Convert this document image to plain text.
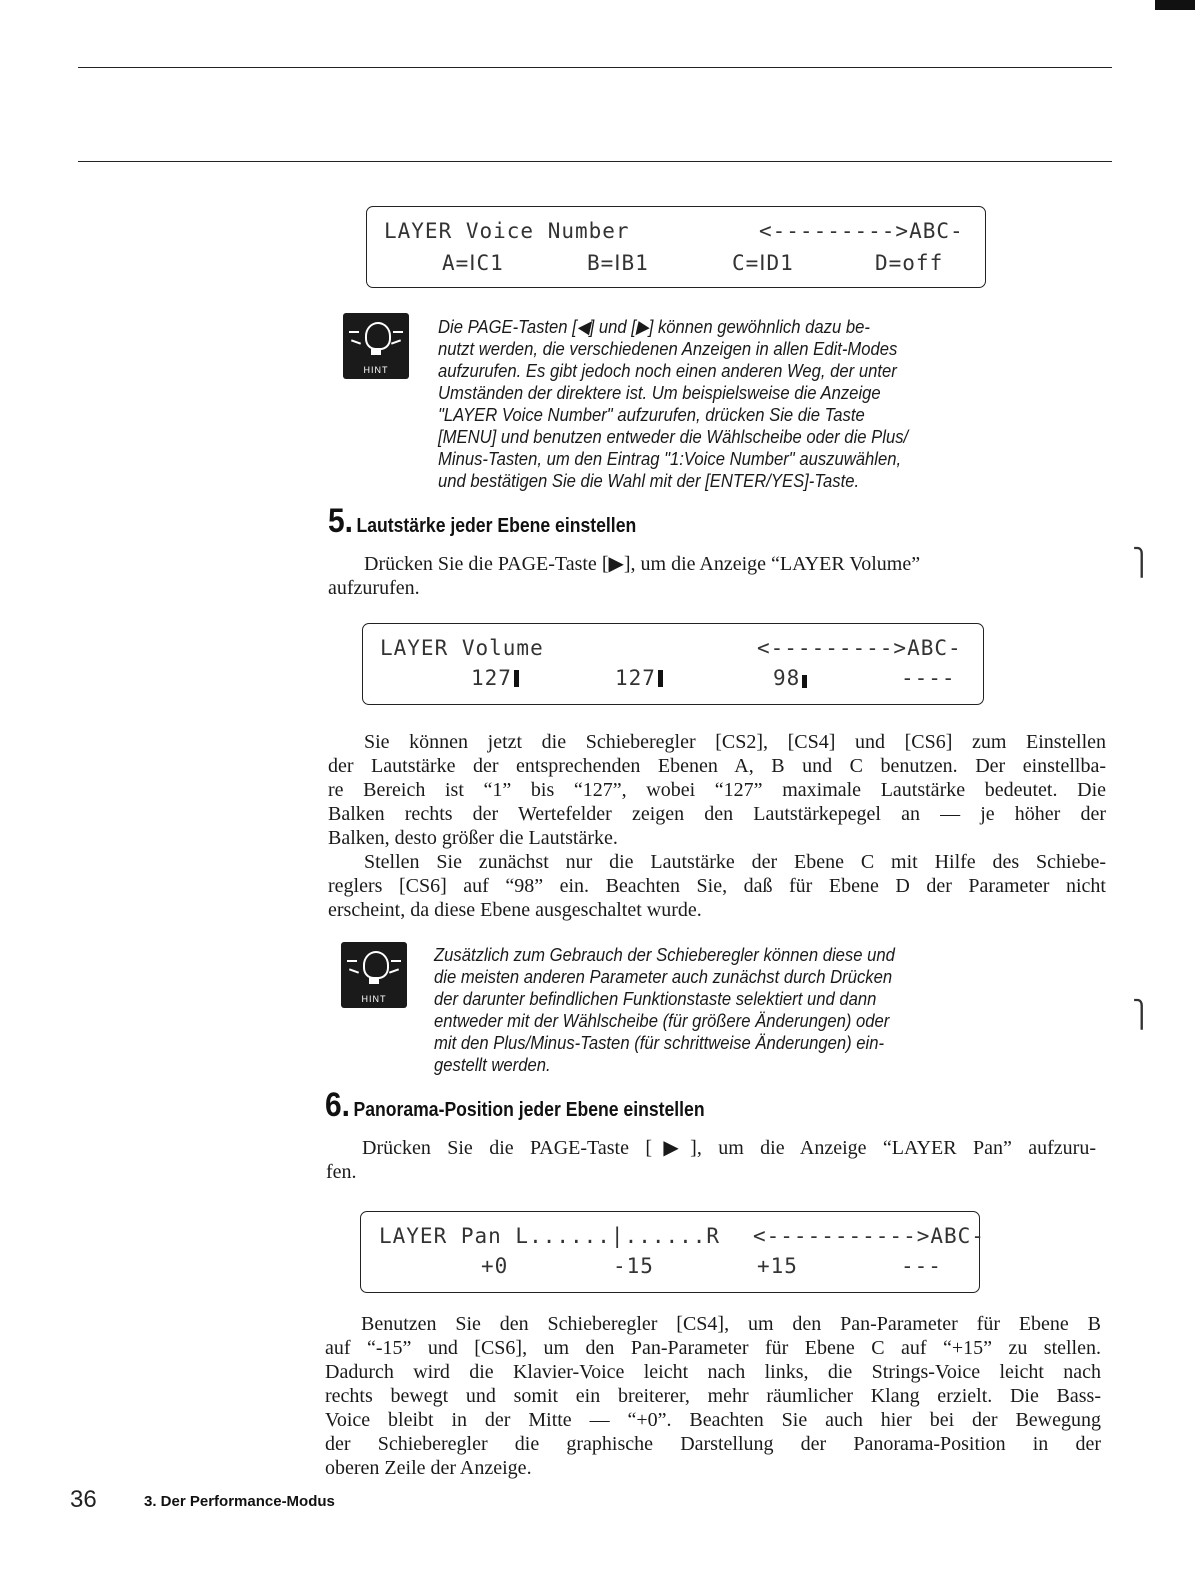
LAYER Voice Number	<--------->ABC-
A=ⅠC1	B=ⅠB1	C=ⅠD1	D=off
HINT
Die PAGE-Tasten [◀] und [▶] können gewöhnlich dazu be-
nutzt werden, die verschiedenen Anzeigen in allen Edit-Modes
aufzurufen. Es gibt jedoch noch einen anderen Weg, der unter
Umständen der direktere ist. Um beispielsweise die Anzeige
"LAYER Voice Number" aufzurufen, drücken Sie die Taste
[MENU] und benutzen entweder die Wählscheibe oder die Plus/
Minus-Tasten, um den Eintrag "1:Voice Number" auszuwählen,
und bestätigen Sie die Wahl mit der [ENTER/YES]-Taste.
5. Lautstärke jeder Ebene einstellen
Drücken Sie die PAGE-Taste [▶], um die Anzeige “LAYER Volume”
aufzurufen.
LAYER Volume	<--------->ABC-
127	127	98	----
Sie können jetzt die Schieberegler [CS2], [CS4] und [CS6] zum Einstellen
der Lautstärke der entsprechenden Ebenen A, B und C benutzen. Der einstellba-
re Bereich ist “1” bis “127”, wobei “127” maximale Lautstärke bedeutet. Die
Balken rechts der Wertefelder zeigen den Lautstärkepegel an — je höher der
Balken, desto größer die Lautstärke.
Stellen Sie zunächst nur die Lautstärke der Ebene C mit Hilfe des Schiebe-
reglers [CS6] auf “98” ein. Beachten Sie, daß für Ebene D der Parameter nicht
erscheint, da diese Ebene ausgeschaltet wurde.
HINT
Zusätzlich zum Gebrauch der Schieberegler können diese und
die meisten anderen Parameter auch zunächst durch Drücken
der darunter befindlichen Funktionstaste selektiert und dann
entweder mit der Wählscheibe (für größere Änderungen) oder
mit den Plus/Minus-Tasten (für schrittweise Änderungen) ein-
gestellt werden.
6. Panorama-Position jeder Ebene einstellen
Drücken Sie die PAGE-Taste [▶], um die Anzeige “LAYER Pan” aufzuru-
fen.
LAYER Pan L......|......R <----------->ABC-
+0	-15	+15	---
Benutzen Sie den Schieberegler [CS4], um den Pan-Parameter für Ebene B
auf “-15” und [CS6], um den Pan-Parameter für Ebene C auf “+15” zu stellen.
Dadurch wird die Klavier-Voice leicht nach links, die Strings-Voice leicht nach
rechts bewegt und somit ein breiterer, mehr räumlicher Klang erzielt. Die Bass-
Voice bleibt in der Mitte — “+0”. Beachten Sie auch hier bei der Bewegung
der Schieberegler die graphische Darstellung der Panorama-Position in der
oberen Zeile der Anzeige.
⎫
⎫
36	3. Der Performance-Modus
